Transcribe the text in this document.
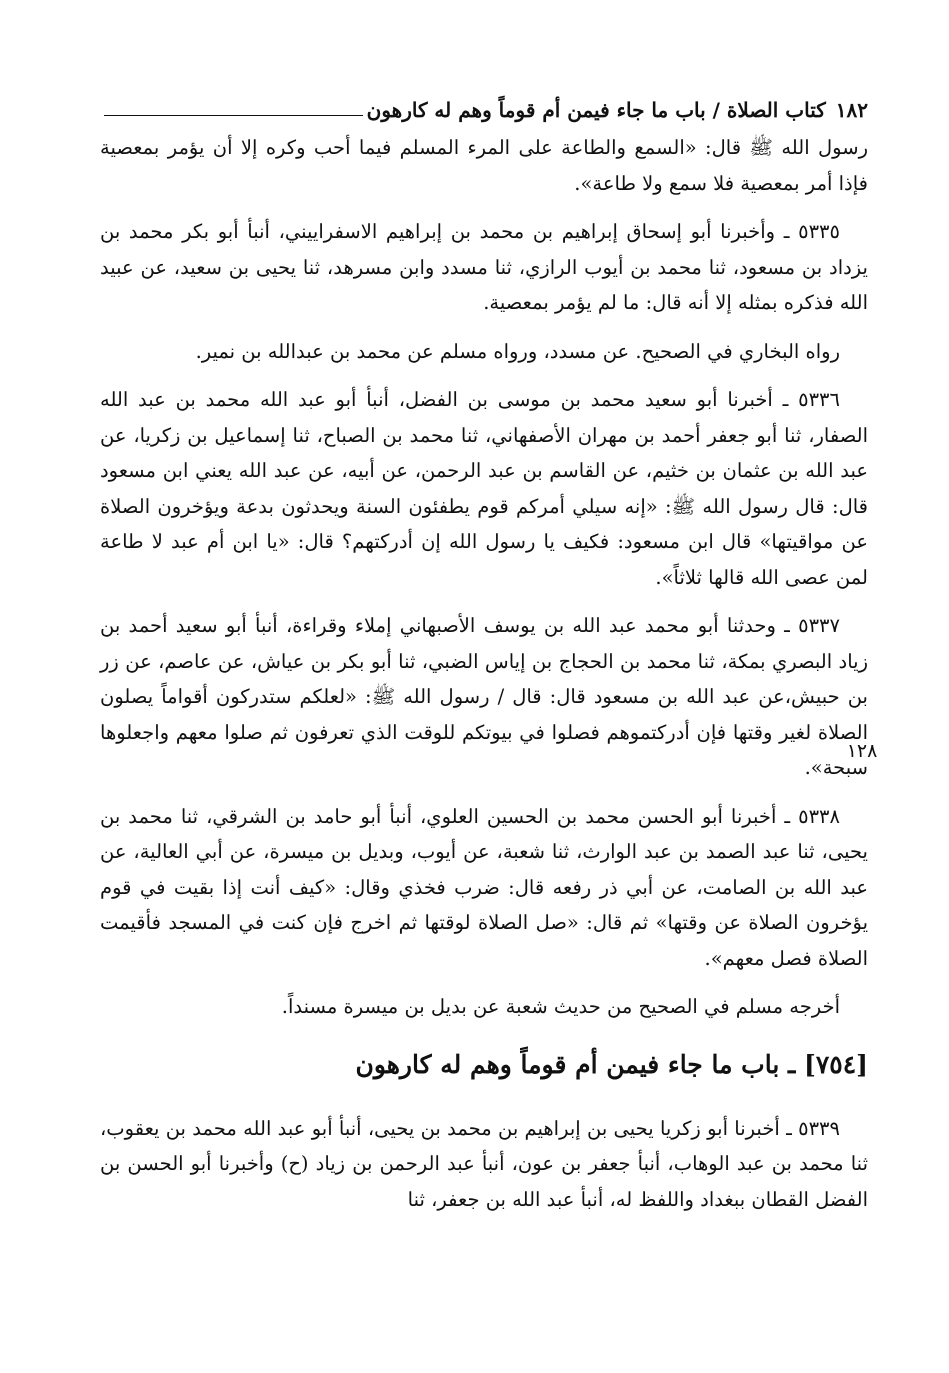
١٨٢
كتاب الصلاة / باب ما جاء فيمن أم قوماً وهم له كارهون

رسول الله ﷺ قال: «السمع والطاعة على المرء المسلم فيما أحب وكره إلا أن يؤمر بمعصية فإذا أمر بمعصية فلا سمع ولا طاعة».

٥٣٣٥ ـ وأخبرنا أبو إسحاق إبراهيم بن محمد بن إبراهيم الاسفراييني، أنبأ أبو بكر محمد بن يزداد بن مسعود، ثنا محمد بن أيوب الرازي، ثنا مسدد وابن مسرهد، ثنا يحيى بن سعيد، عن عبيد الله فذكره بمثله إلا أنه قال: ما لم يؤمر بمعصية.

رواه البخاري في الصحيح. عن مسدد، ورواه مسلم عن محمد بن عبدالله بن نمير.

٥٣٣٦ ـ أخبرنا أبو سعيد محمد بن موسى بن الفضل، أنبأ أبو عبد الله محمد بن عبد الله الصفار، ثنا أبو جعفر أحمد بن مهران الأصفهاني، ثنا محمد بن الصباح، ثنا إسماعيل بن زكريا، عن عبد الله بن عثمان بن خثيم، عن القاسم بن عبد الرحمن، عن أبيه، عن عبد الله يعني ابن مسعود قال: قال رسول الله ﷺ: «إنه سيلي أمركم قوم يطفئون السنة ويحدثون بدعة ويؤخرون الصلاة عن مواقيتها» قال ابن مسعود: فكيف يا رسول الله إن أدركتهم؟ قال: «يا ابن أم عبد لا طاعة لمن عصى الله قالها ثلاثاً».

٥٣٣٧ ـ وحدثنا أبو محمد عبد الله بن يوسف الأصبهاني إملاء وقراءة، أنبأ أبو سعيد أحمد بن زياد البصري بمكة، ثنا محمد بن الحجاج بن إياس الضبي، ثنا أبو بكر بن عياش، عن عاصم، عن زر بن حبيش،عن عبد الله بن مسعود قال: قال / رسول الله ﷺ: «لعلكم ستدركون أقواماً يصلون الصلاة لغير وقتها فإن أدركتموهم فصلوا في بيوتكم للوقت الذي تعرفون ثم صلوا معهم واجعلوها سبحة».

٥٣٣٨ ـ أخبرنا أبو الحسن محمد بن الحسين العلوي، أنبأ أبو حامد بن الشرقي، ثنا محمد بن يحيى، ثنا عبد الصمد بن عبد الوارث، ثنا شعبة، عن أيوب، وبديل بن ميسرة، عن أبي العالية، عن عبد الله بن الصامت، عن أبي ذر رفعه قال: ضرب فخذي وقال: «كيف أنت إذا بقيت في قوم يؤخرون الصلاة عن وقتها» ثم قال: «صل الصلاة لوقتها ثم اخرج فإن كنت في المسجد فأقيمت الصلاة فصل معهم».

أخرجه مسلم في الصحيح من حديث شعبة عن بديل بن ميسرة مسنداً.

[٧٥٤] ـ باب ما جاء فيمن أم قوماً وهم له كارهون

٥٣٣٩ ـ أخبرنا أبو زكريا يحيى بن إبراهيم بن محمد بن يحيى، أنبأ أبو عبد الله محمد بن يعقوب، ثنا محمد بن عبد الوهاب، أنبأ جعفر بن عون، أنبأ عبد الرحمن بن زياد (ح) وأخبرنا أبو الحسن بن الفضل القطان ببغداد واللفظ له، أنبأ عبد الله بن جعفر، ثنا

١٢٨
